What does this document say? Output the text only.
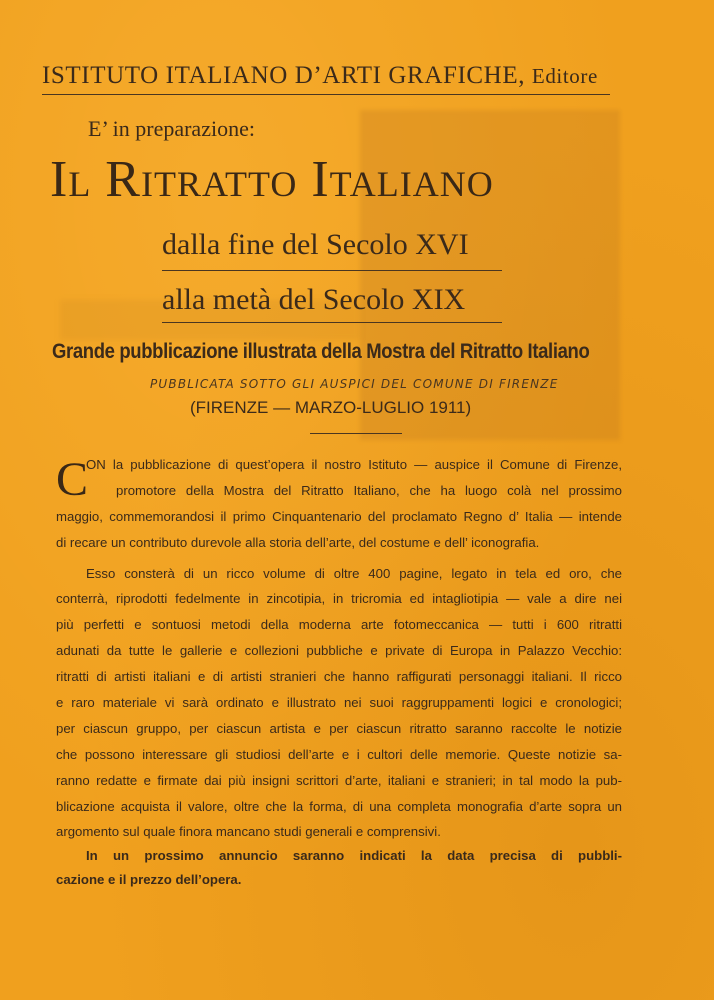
ISTITUTO ITALIANO D’ARTI GRAFICHE, Editore
E’ in preparazione:
Il Ritratto Italiano
dalla fine del Secolo XVI
alla metà del Secolo XIX
Grande pubblicazione illustrata della Mostra del Ritratto Italiano
PUBBLICATA SOTTO GLI AUSPICI DEL COMUNE DI FIRENZE
(FIRENZE — MARZO-LUGLIO 1911)
C
ON la pubblicazione di quest’opera il nostro Istituto — auspice il Comune di Firenze,
promotore della Mostra del Ritratto Italiano, che ha luogo colà nel prossimo
maggio, commemorandosi il primo Cinquantenario del proclamato Regno d’ Italia — intende
di recare un contributo durevole alla storia dell’arte, del costume e dell’ iconografia.
Esso consterà di un ricco volume di oltre 400 pagine, legato in tela ed oro, che
conterrà, riprodotti fedelmente in zincotipia, in tricromia ed intagliotipia — vale a dire nei
più perfetti e sontuosi metodi della moderna arte fotomeccanica — tutti i 600 ritratti
adunati da tutte le gallerie e collezioni pubbliche e private di Europa in Palazzo Vecchio:
ritratti di artisti italiani e di artisti stranieri che hanno raffigurati personaggi italiani. Il ricco
e raro materiale vi sarà ordinato e illustrato nei suoi raggruppamenti logici e cronologici;
per ciascun gruppo, per ciascun artista e per ciascun ritratto saranno raccolte le notizie
che possono interessare gli studiosi dell’arte e i cultori delle memorie. Queste notizie sa-
ranno redatte e firmate dai più insigni scrittori d’arte, italiani e stranieri; in tal modo la pub-
blicazione acquista il valore, oltre che la forma, di una completa monografia d’arte sopra un
argomento sul quale finora mancano studi generali e comprensivi.
In un prossimo annuncio saranno indicati la data precisa di pubbli-
cazione e il prezzo dell’opera.
